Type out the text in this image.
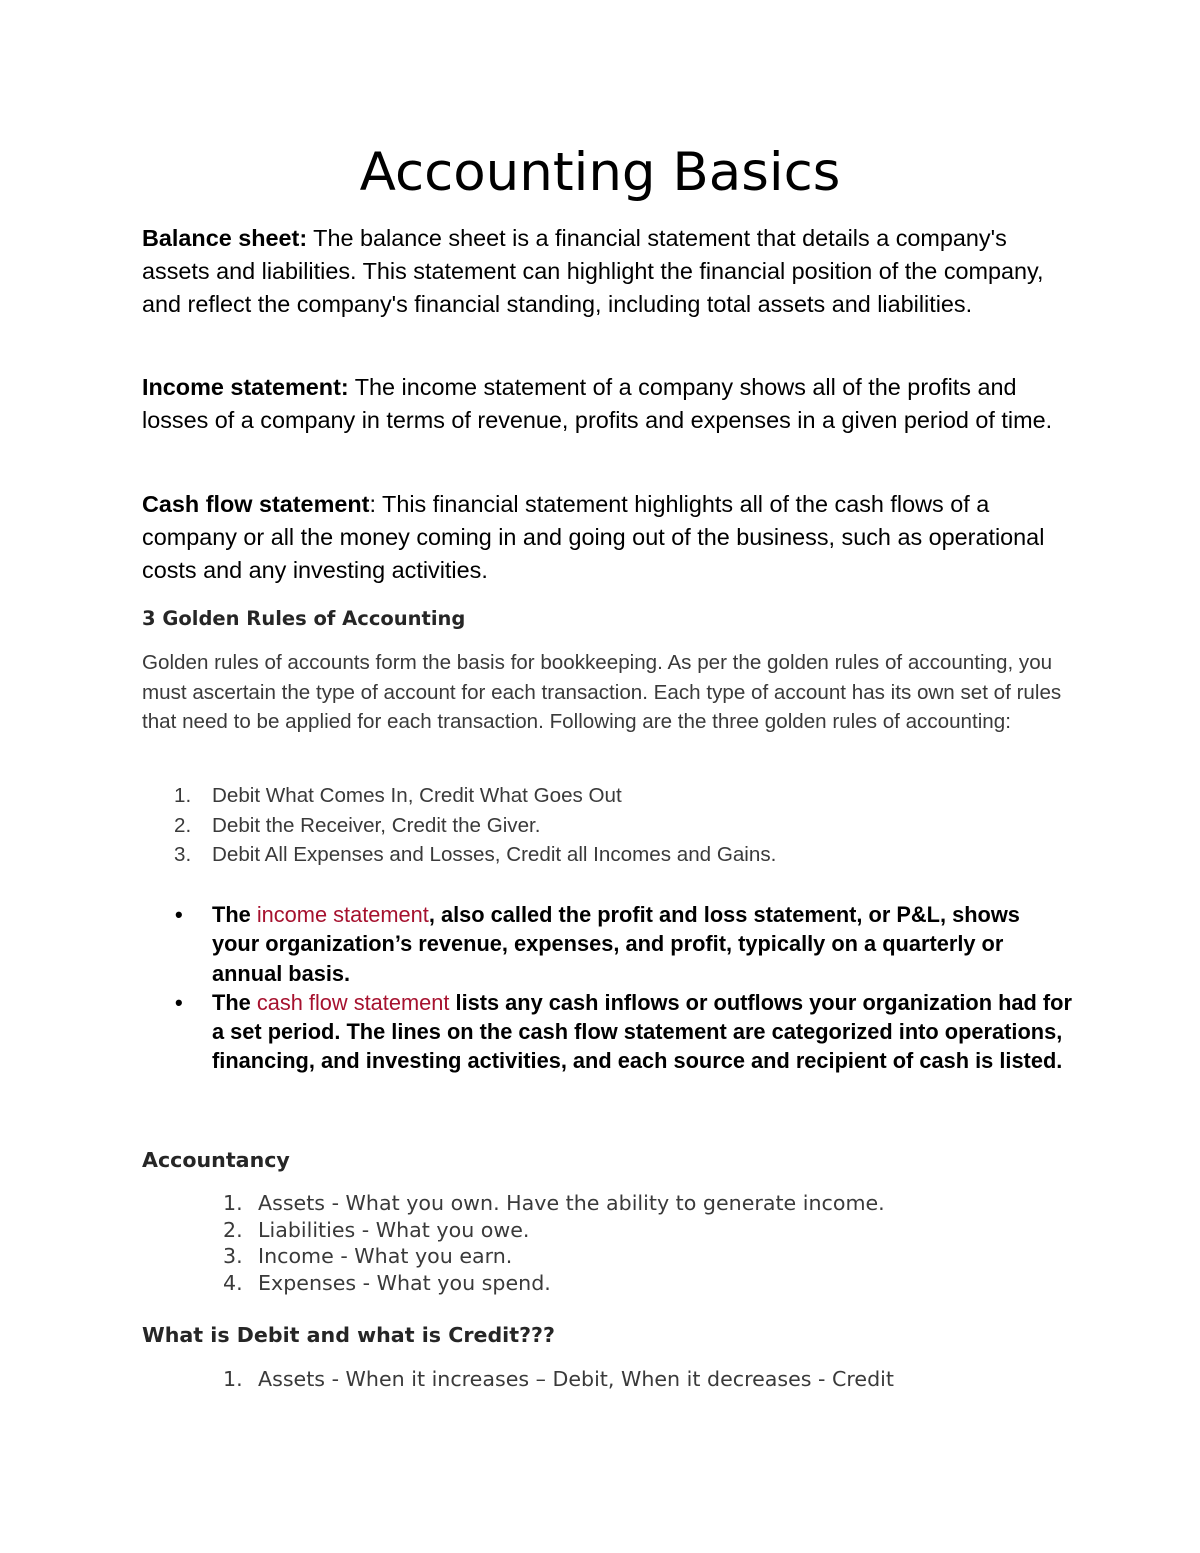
Accounting Basics
Balance sheet: The balance sheet is a financial statement that details a company's assets and liabilities. This statement can highlight the financial position of the company, and reflect the company's financial standing, including total assets and liabilities.
Income statement: The income statement of a company shows all of the profits and losses of a company in terms of revenue, profits and expenses in a given period of time.
Cash flow statement: This financial statement highlights all of the cash flows of a company or all the money coming in and going out of the business, such as operational costs and any investing activities.
3 Golden Rules of Accounting
Golden rules of accounts form the basis for bookkeeping. As per the golden rules of accounting, you must ascertain the type of account for each transaction. Each type of account has its own set of rules that need to be applied for each transaction. Following are the three golden rules of accounting:
1. Debit What Comes In, Credit What Goes Out
2. Debit the Receiver, Credit the Giver.
3. Debit All Expenses and Losses, Credit all Incomes and Gains.
• The income statement, also called the profit and loss statement, or P&L, shows your organization’s revenue, expenses, and profit, typically on a quarterly or annual basis.
• The cash flow statement lists any cash inflows or outflows your organization had for a set period. The lines on the cash flow statement are categorized into operations, financing, and investing activities, and each source and recipient of cash is listed.
Accountancy
1. Assets - What you own. Have the ability to generate income.
2. Liabilities - What you owe.
3. Income - What you earn.
4. Expenses - What you spend.
What is Debit and what is Credit???
1. Assets - When it increases – Debit, When it decreases - Credit
